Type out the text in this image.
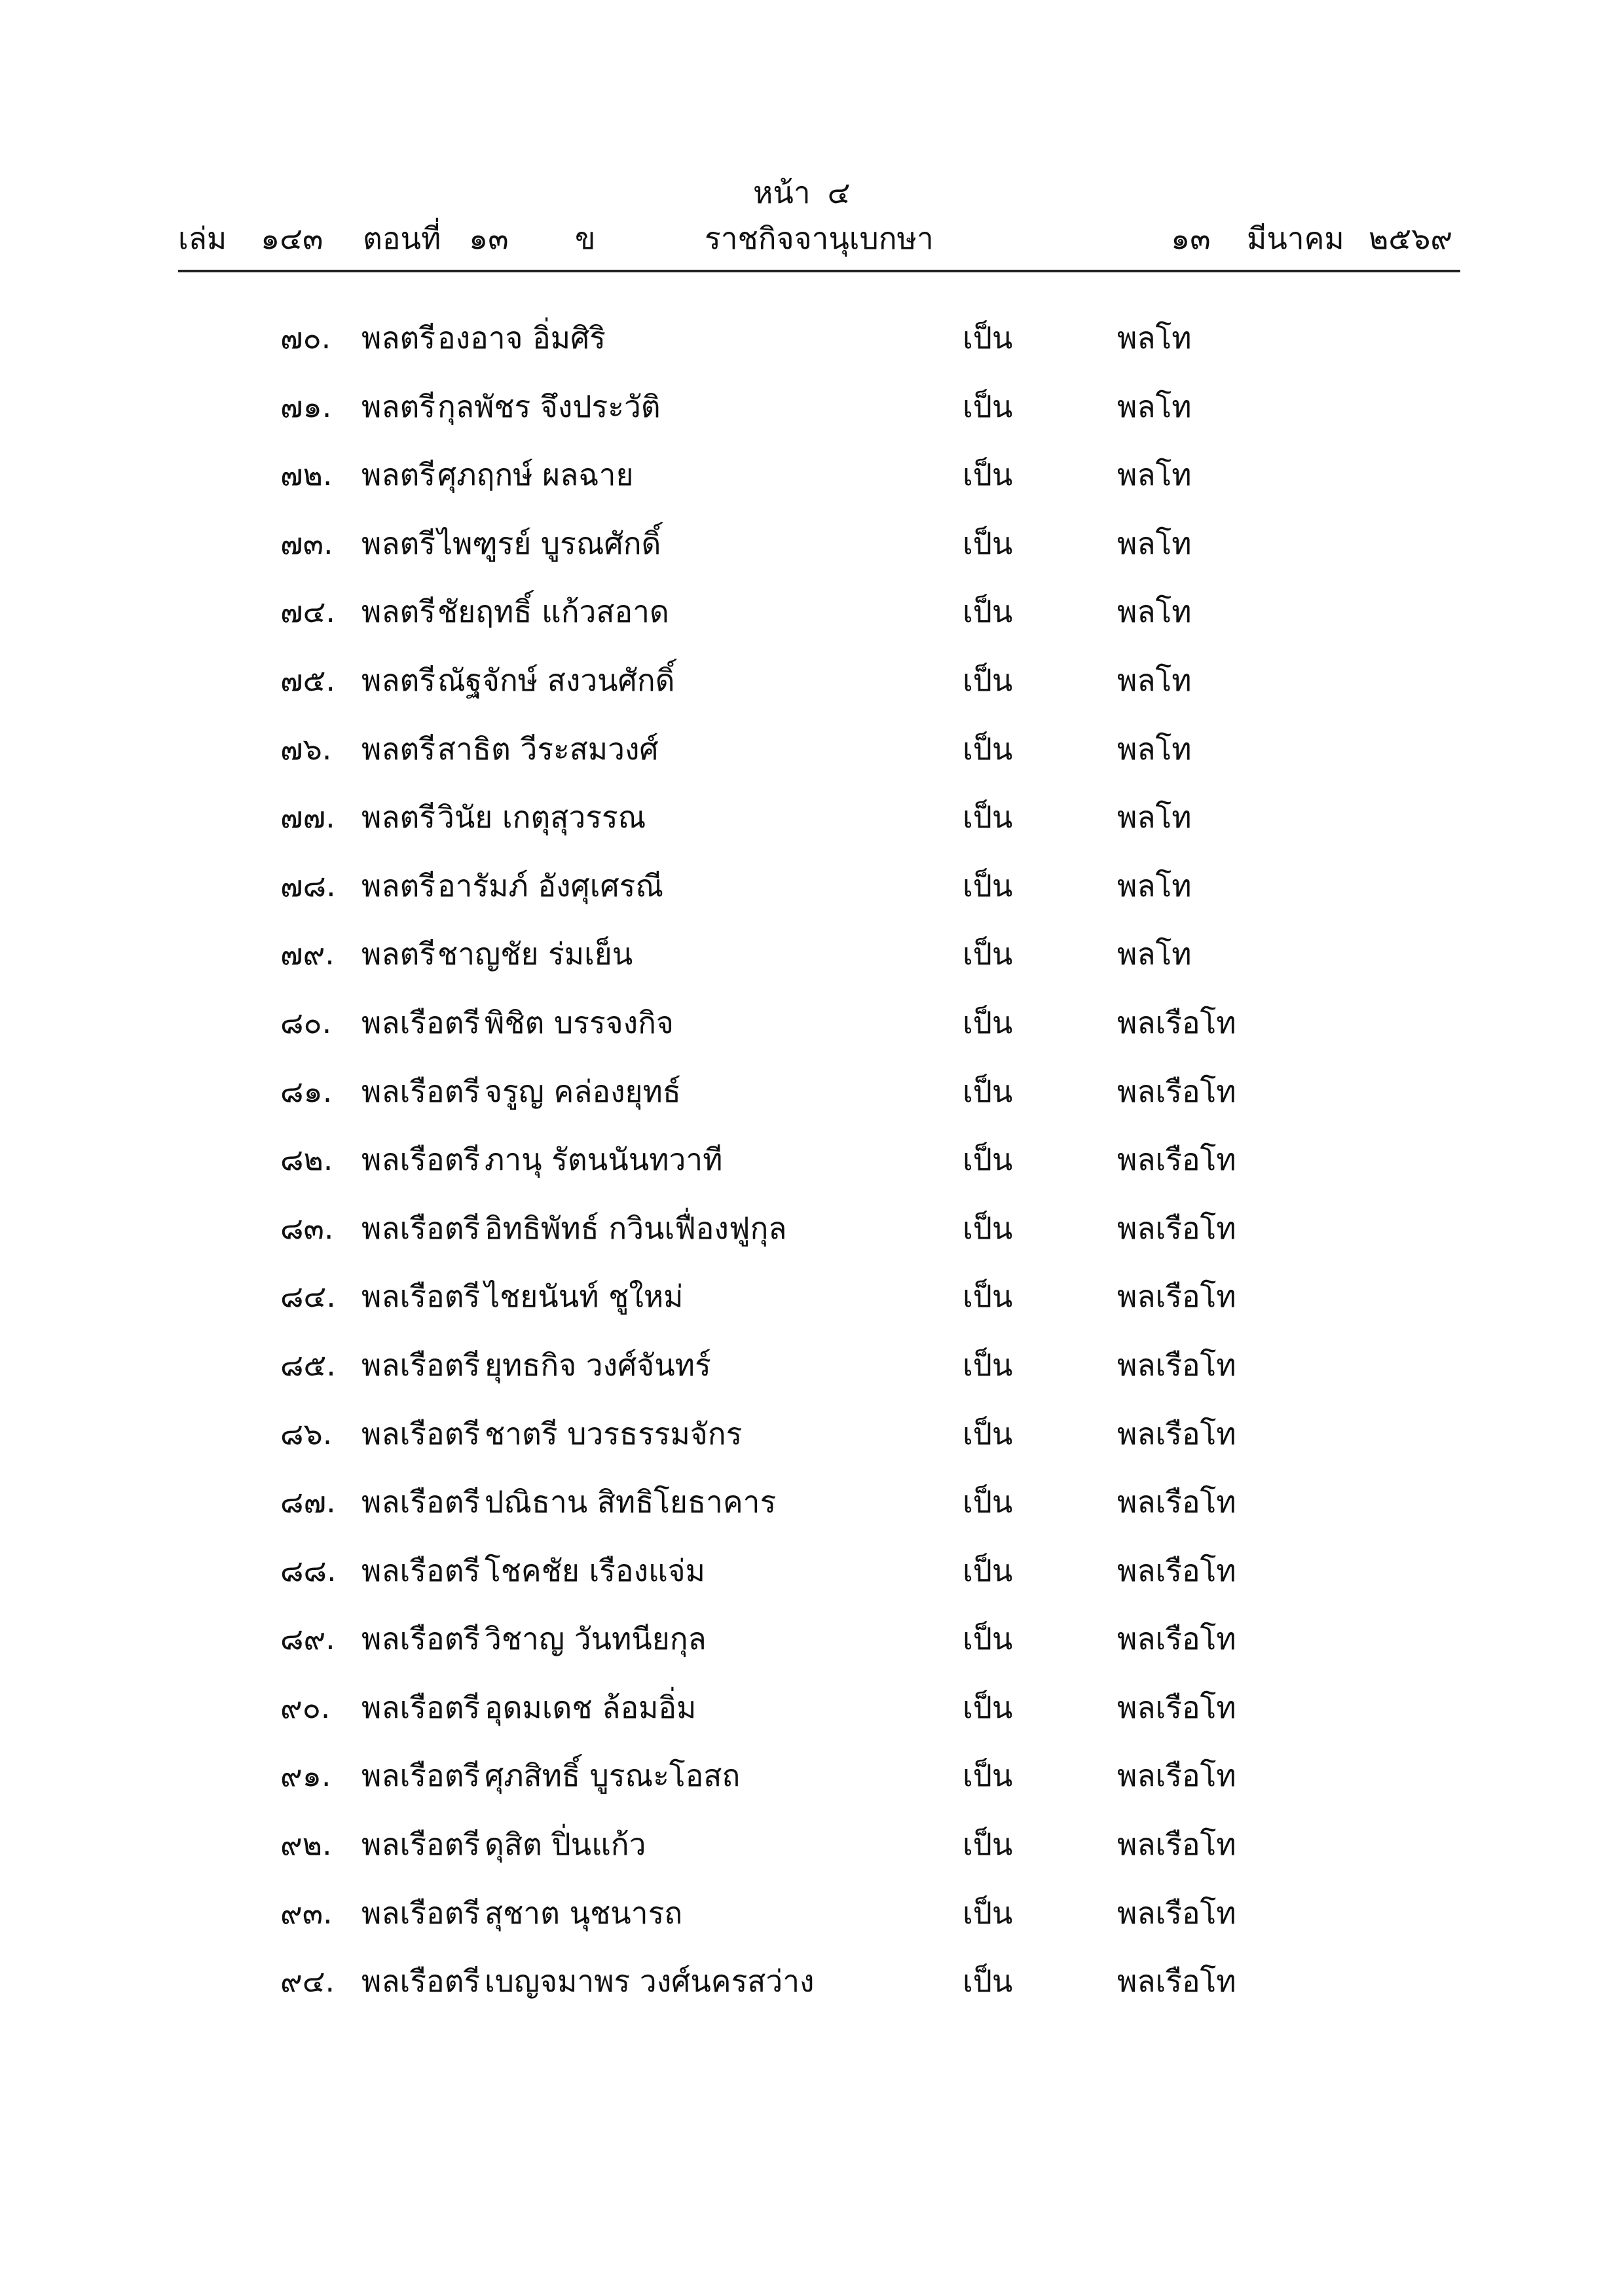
หน้า ๔
เล่ม ๑๔๓ ตอนที่ ๑๓ ข	ราชกิจจานุเบกษา	๑๓ มีนาคม ๒๕๖๙
๗๐. พลตรี องอาจ อิ่มศิริ	เป็น	พลโท
๗๑. พลตรี กุลพัชร จึงประวัติ	เป็น	พลโท
๗๒. พลตรี ศุภฤกษ์ ผลฉาย	เป็น	พลโท
๗๓. พลตรี ไพฑูรย์ บูรณศักดิ์	เป็น	พลโท
๗๔. พลตรี ชัยฤทธิ์ แก้วสอาด	เป็น	พลโท
๗๕. พลตรี ณัฐจักษ์ สงวนศักดิ์	เป็น	พลโท
๗๖. พลตรี สาธิต วีระสมวงศ์	เป็น	พลโท
๗๗. พลตรี วินัย เกตุสุวรรณ	เป็น	พลโท
๗๘. พลตรี อารัมภ์ อังศุเศรณี	เป็น	พลโท
๗๙. พลตรี ชาญชัย ร่มเย็น	เป็น	พลโท
๘๐. พลเรือตรี พิชิต บรรจงกิจ	เป็น	พลเรือโท
๘๑. พลเรือตรี จรูญ คล่องยุทธ์	เป็น	พลเรือโท
๘๒. พลเรือตรี ภานุ รัตนนันทวาที	เป็น	พลเรือโท
๘๓. พลเรือตรี อิทธิพัทธ์ กวินเฟื่องฟูกุล	เป็น	พลเรือโท
๘๔. พลเรือตรี ไชยนันท์ ชูใหม่	เป็น	พลเรือโท
๘๕. พลเรือตรี ยุทธกิจ วงศ์จันทร์	เป็น	พลเรือโท
๘๖. พลเรือตรี ชาตรี บวรธรรมจักร	เป็น	พลเรือโท
๘๗. พลเรือตรี ปณิธาน สิทธิโยธาคาร	เป็น	พลเรือโท
๘๘. พลเรือตรี โชคชัย เรืองแจ่ม	เป็น	พลเรือโท
๘๙. พลเรือตรี วิชาญ วันทนียกุล	เป็น	พลเรือโท
๙๐. พลเรือตรี อุดมเดช ล้อมอิ่ม	เป็น	พลเรือโท
๙๑. พลเรือตรี ศุภสิทธิ์ บูรณะโอสถ	เป็น	พลเรือโท
๙๒. พลเรือตรี ดุสิต ปิ่นแก้ว	เป็น	พลเรือโท
๙๓. พลเรือตรี สุชาต นุชนารถ	เป็น	พลเรือโท
๙๔. พลเรือตรี เบญจมาพร วงศ์นครสว่าง	เป็น	พลเรือโท
